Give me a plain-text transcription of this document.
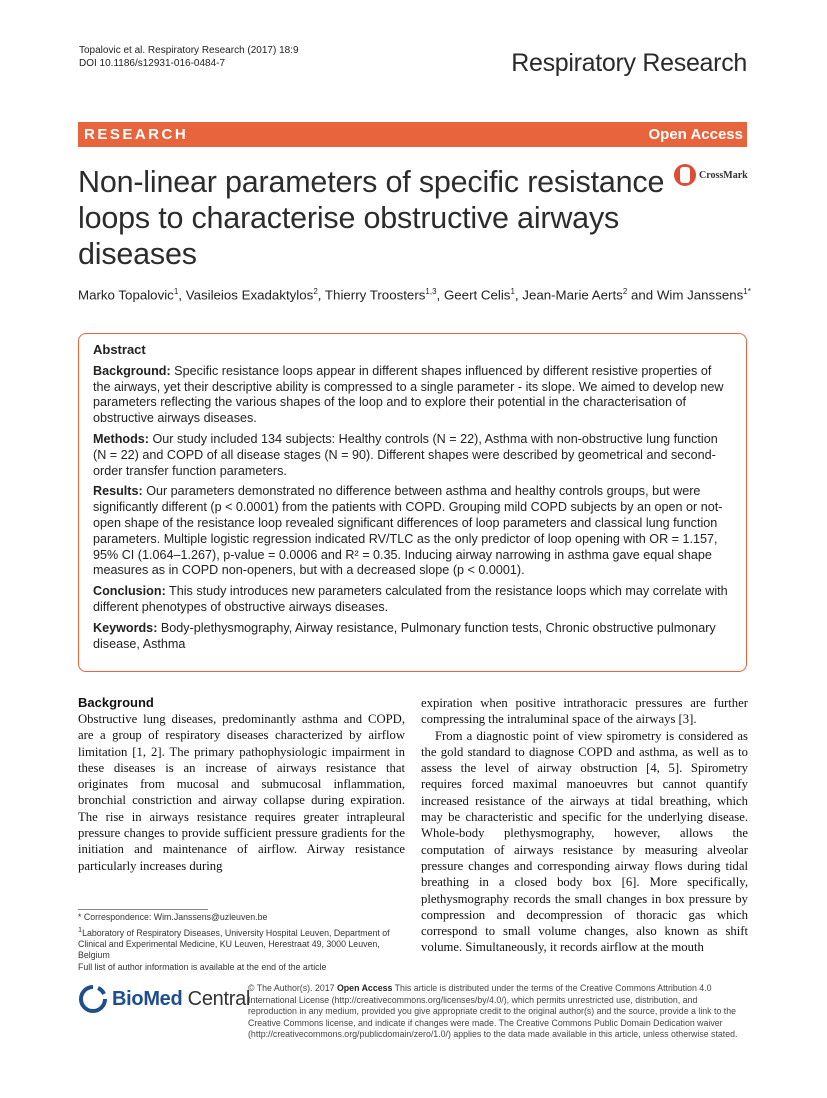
Topalovic et al. Respiratory Research (2017) 18:9
DOI 10.1186/s12931-016-0484-7	Respiratory Research
RESEARCH	Open Access
Non-linear parameters of specific resistance loops to characterise obstructive airways diseases
CrossMark
Marko Topalovic$^1$, Vasileios Exadaktylos$^2$, Thierry Troosters$^{1,3}$, Geert Celis$^1$, Jean-Marie Aerts$^2$ and Wim Janssens$^{1*}$
Abstract

Background: Specific resistance loops appear in different shapes influenced by different resistive properties of the airways, yet their descriptive ability is compressed to a single parameter - its slope. We aimed to develop new parameters reflecting the various shapes of the loop and to explore their potential in the characterisation of obstructive airways diseases.

Methods: Our study included 134 subjects: Healthy controls (N = 22), Asthma with non-obstructive lung function (N = 22) and COPD of all disease stages (N = 90). Different shapes were described by geometrical and second-order transfer function parameters.

Results: Our parameters demonstrated no difference between asthma and healthy controls groups, but were significantly different (p < 0.0001) from the patients with COPD. Grouping mild COPD subjects by an open or not-open shape of the resistance loop revealed significant differences of loop parameters and classical lung function parameters. Multiple logistic regression indicated RV/TLC as the only predictor of loop opening with OR = 1.157, 95% CI (1.064–1.267), p-value = 0.0006 and R² = 0.35. Inducing airway narrowing in asthma gave equal shape measures as in COPD non-openers, but with a decreased slope (p < 0.0001).

Conclusion: This study introduces new parameters calculated from the resistance loops which may correlate with different phenotypes of obstructive airways diseases.

Keywords: Body-plethysmography, Airway resistance, Pulmonary function tests, Chronic obstructive pulmonary disease, Asthma

Background

Obstructive lung diseases, predominantly asthma and COPD, are a group of respiratory diseases characterized by airflow limitation [1, 2]. The primary pathophysiologic impairment in these diseases is an increase of airways resistance that originates from mucosal and submucosal inflammation, bronchial constriction and airway collapse during expiration. The rise in airways resistance requires greater intrapleural pressure changes to provide sufficient pressure gradients for the initiation and maintenance of airflow. Airway resistance particularly increases during

expiration when positive intrathoracic pressures are further compressing the intraluminal space of the airways [3].

From a diagnostic point of view spirometry is considered as the gold standard to diagnose COPD and asthma, as well as to assess the level of airway obstruction [4, 5]. Spirometry requires forced maximal manoeuvres but cannot quantify increased resistance of the airways at tidal breathing, which may be characteristic and specific for the underlying disease. Whole-body plethysmography, however, allows the computation of airways resistance by measuring alveolar pressure changes and corresponding airway flows during tidal breathing in a closed body box [6]. More specifically, plethysmography records the small changes in box pressure by compression and decompression of thoracic gas which correspond to small volume changes, also known as shift volume. Simultaneously, it records airflow at the mouth

* Correspondence: Wim.Janssens@uzleuven.be

$^1$Laboratory of Respiratory Diseases, University Hospital Leuven, Department of Clinical and Experimental Medicine, KU Leuven, Herestraat 49, 3000 Leuven, Belgium

Full list of author information is available at the end of the article

BioMed Central
© The Author(s). 2017 Open Access This article is distributed under the terms of the Creative Commons Attribution 4.0 International License (http://creativecommons.org/licenses/by/4.0/), which permits unrestricted use, distribution, and reproduction in any medium, provided you give appropriate credit to the original author(s) and the source, provide a link to the Creative Commons license, and indicate if changes were made. The Creative Commons Public Domain Dedication waiver (http://creativecommons.org/publicdomain/zero/1.0/) applies to the data made available in this article, unless otherwise stated.
